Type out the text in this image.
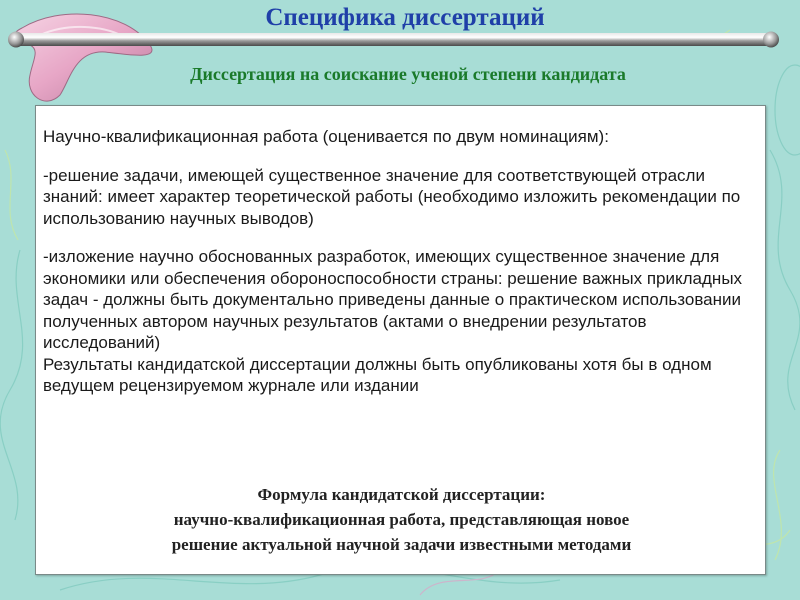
Специфика диссертаций
Диссертация на соискание ученой степени кандидата

Научно-квалификационная работа (оценивается по двум номинациям):

-решение задачи, имеющей существенное значение для соответствующей отрасли знаний: имеет характер теоретической работы (необходимо изложить рекомендации по использованию научных выводов)

-изложение научно обоснованных разработок, имеющих существенное значение для экономики или обеспечения обороноспособности страны: решение важных прикладных задач - должны быть документально приведены данные о практическом использовании полученных автором научных результатов (актами о внедрении результатов исследований)

Результаты кандидатской диссертации должны быть опубликованы хотя бы в одном ведущем рецензируемом журнале или издании

Формула кандидатской диссертации:

научно-квалификационная работа, представляющая новое

решение актуальной научной задачи известными методами
